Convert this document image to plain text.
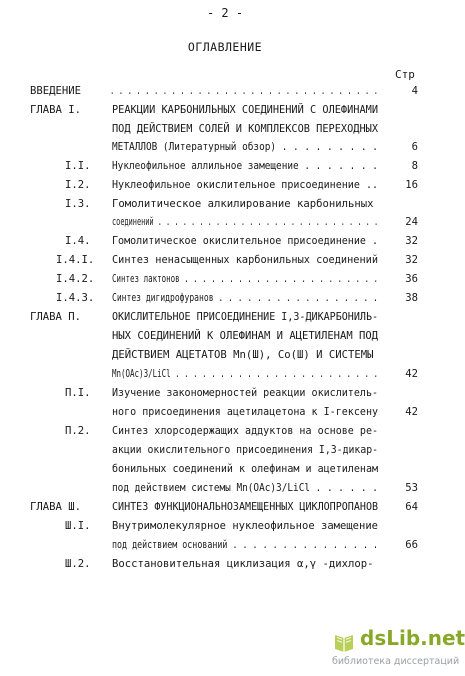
- 2 -
ОГЛАВЛЕНИЕ
Стр
ВВЕДЕНИЕ	. . . . . . . . . . . . . . . . . . . . . . . . . . . . . . .	4
ГЛАВА I.	РЕАКЦИИ КАРБОНИЛЬНЫХ СОЕДИНЕНИЙ С ОЛЕФИНАМИ
ПОД ДЕЙСТВИЕМ СОЛЕЙ И КОМПЛЕКСОВ ПЕРЕХОДНЫХ
МЕТАЛЛОВ (Литературный обзор) . . . . . . . . .	6
I.I. Нуклеофильное аллильное замещение . . . . . . .	8
I.2. Нуклеофильное окислительное присоединение ..	16
I.3. Гомолитическое алкилирование карбонильных
соединений . . . . . . . . . . . . . . . . . . . . . . . . . . .	24
I.4. Гомолитическое окислительное присоединение .	32
I.4.I. Синтез ненасыщенных карбонильных соединений	32
I.4.2. Синтез лактонов . . . . . . . . . . . . . . . . . . . . . .	36
I.4.3. Синтез дигидрофуранов . . . . . . . . . . . . . . . . .	38
ГЛАВА П.	ОКИСЛИТЕЛЬНОЕ ПРИСОЕДИНЕНИЕ I,3-ДИКАРБОНИЛЬ-
НЫХ СОЕДИНЕНИЙ К ОЛЕФИНАМ И АЦЕТИЛЕНАМ ПОД
ДЕЙСТВИЕМ АЦЕТАТОВ Mn(Ш), Co(Ш) И СИСТЕМЫ
Mn(OAc)3/LiCl . . . . . . . . . . . . . . . . . . . . . . .	42
П.I. Изучение закономерностей реакции окислитель-
ного присоединения ацетилацетона к I-гексену	42
П.2. Синтез хлорсодержащих аддуктов на основе ре-
акции окислительного присоединения I,3-дикар-
бонильных соединений к олефинам и ацетиленам
под действием системы Mn(OAc)3/LiCl . . . . . .	53
ГЛАВА Ш.	СИНТЕЗ ФУНКЦИОНАЛЬНОЗАМЕЩЕННЫХ ЦИКЛОПРОПАНОВ	64
Ш.I. Внутримолекулярное нуклеофильное замещение
под действием оснований . . . . . . . . . . . . . . .	66
Ш.2. Восстановительная циклизация α,γ -дихлор-
dsLib.net
библиотека диссертаций
